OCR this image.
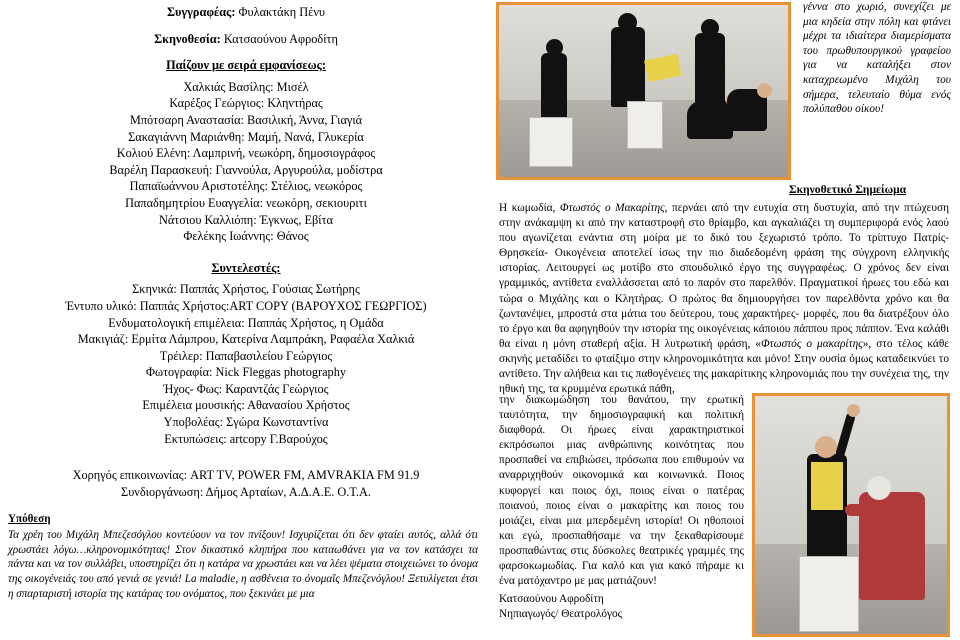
Συγγραφέας: Φυλακτάκη Πένυ
Σκηνοθεσία: Κατσαούνου Αφροδίτη
Παίζουν με σειρά εμφανίσεως:
Χαλκιάς Βασίλης: Μισέλ
Καρέξος Γεώργιος: Κληντήρας
Μπότσαρη Αναστασία: Βασιλική, Άννα, Γιαγιά
Σακαγιάννη Μαριάνθη: Μαμή, Νανά, Γλυκερία
Κολιού Ελένη: Λαμπρινή, νεωκόρη, δημοσιογράφος
Βαρέλη Παρασκευή: Γιαννούλα, Αργυρούλα, μοδίστρα
Παπαϊωάννου Αριστοτέλης: Στέλιος, νεωκόρος
Παπαδημητρίου Ευαγγελία: νεωκόρη, σεκιουριτι
Νάτσιου Καλλιόπη: Έγκνως, Εβίτα
Φελέκης Ιωάννης: Θάνος
Συντελεστές:
Σκηνικά: Παππάς Χρήστος, Γούσιας Σωτήρης
Έντυπο υλικό: Παππάς Χρήστος:ART COPY (ΒΑΡΟΥΧΟΣ ΓΕΩΡΓΙΟΣ)
Ενδυματολογική επιμέλεια: Παππάς Χρήστος, η Ομάδα
Μακιγιάζ: Ερμίτα Λάμπρου, Κατερίνα Λαμπράκη, Ραφαέλα Χαλκιά
Τρέιλερ: Παπαβασιλείου Γεώργιος
Φωτογραφία: Nick Fleggas photography
Ήχος- Φως: Καραντζάς Γεώργιος
Επιμέλεια μουσικής: Αθανασίου Χρήστος
Υποβολέας: Σγώρα Κωνσταντίνα
Εκτυπώσεις: artcopy Γ.Βαρούχος
Χορηγός επικοινωνίας: ART TV, POWER FM, AMVRAKIA FM 91.9
Συνδιοργάνωση: Δήμος Αρταίων, Α.Δ.Α.Ε. Ο.Τ.Α.
Υπόθεση
Τα χρέη του Μιχάλη Μπεζεσόγλου κοντεύουν να τον πνίξουν! Ισχυρίζεται ότι δεν φταίει αυτός, αλλά ότι χρωστάει λόγω…κληρονομικότητας! Στον δικαστικό κληπήρα που καταωθάνει για να τον κατάσχει τα πάντα και να τον συλλάβει, υποστηρίζει ότι η κατάρα να χρωστάει και να λέει ψέματα στοιχειώνει το όνομα της οικογένειάς του από γενιά σε γενιά! La maladie, η ασθένεια το όνομαΐς Μπεζενόγλου! Ξετυλίγεται έτσι η σπαρταριστή ιστορία της κατάρας του ονόματος, που ξεκινάει με μια
γέννα στο χωριό, συνεχίζει με μια κηδεία στην πόλη και φτάνει μέχρι τα ιδιαίτερα διαμερίσματα του πρωθυπουργικού γραφείου για να καταλήξει στον καταχρεωμένο Μιχάλη του σήμερα, τελευταίο θύμα ενός πολύπαθου οίκου!
Σκηνοθετικό Σημείωμα
Η κωμωδία, Φτωστός ο Μακαρίτης, περνάει από την ευτυχία στη δυστυχία, από την πτώχευση στην ανάκαμψη κι από την καταστροφή στο θρίαμβο, και αγκαλιάζει τη συμπεριφορά ενός λαού που αγωνίζεται ενάντια στη μοίρα με το δικό του ξεχωριστό τρόπο. Το τρίπτυχο Πατρίς- Θρησκεία- Οικογένεια αποτελεί ίσως την πιο διαδεδομένη φράση της σύγχρονη ελληνικής ιστορίας. Λειτουργεί ως μοτίβο στο σπουδυλικό έργο της συγγραφέως. Ο χρόνος δεν είναι γραμμικός, αντίθετα εναλλάσσεται από το παρόν στο παρελθόν. Πραγματικοί ήρωες του εδώ και τώρα ο Μιχάλης και ο Κλητήρας. Ο πρώτος θα δημιουργήσει τον παρελθόντα χρόνο και θα ζωντανέψει, μπροστά στα μάτια του δεύτερου, τους χαρακτήρες- μορφές, που θα διατρέξουν όλο το έργο και θα αφηγηθούν την ιστορία της οικογένειας κάποιου πάππου προς πάππον. Ένα καλάθι θα είναι η μόνη σταθερή αξία. Η λυτρωτική φράση, «Φτωστός ο μακαρίτης», στο τέλος κάθε σκηνής μεταδίδει το φταίξιμο στην κληρονομικότητα και μόνο! Στην ουσία όμως καταδεικνύει το αντίθετο. Την αλήθεια και τις παθογένειες της μακαρίτικης κληρονομιάς που την συνέχεια της, την ηθική της, τα κρυμμένα ερωτικά πάθη,
την διακωμώδηση του θανάτου, την ερωτική ταυτότητα, την δημοσιογραφική και πολιτική διαφθορά. Οι ήρωες είναι χαρακτηριστικοί εκπρόσωποι μιας ανθρώπινης κοινότητας που προσπαθεί να επιβιώσει, πρόσωπα που επιθυμούν να αναρριχηθούν οικονομικά και κοινωνικά. Ποιος κυφοργεί και ποιος όχι, ποιος είναι ο πατέρας ποιανού, ποιος είναι ο μακαρίτης και ποιος του μοιάζει, είναι μια μπερδεμένη ιστορία! Οι ηθοποιοί και εγώ, προσπαθήσαμε να την ξεκαθαρίσουμε προσπαθώντας στις δύσκολες θεατρικές γραμμές της φαρσοκωμωδίας. Για καλό και για κακό πήραμε κι ένα ματόχαντρο με μας ματιάζουν!
Κατσαούνου Αφροδίτη
Νηπιαγωγός/ Θεατρολόγος
